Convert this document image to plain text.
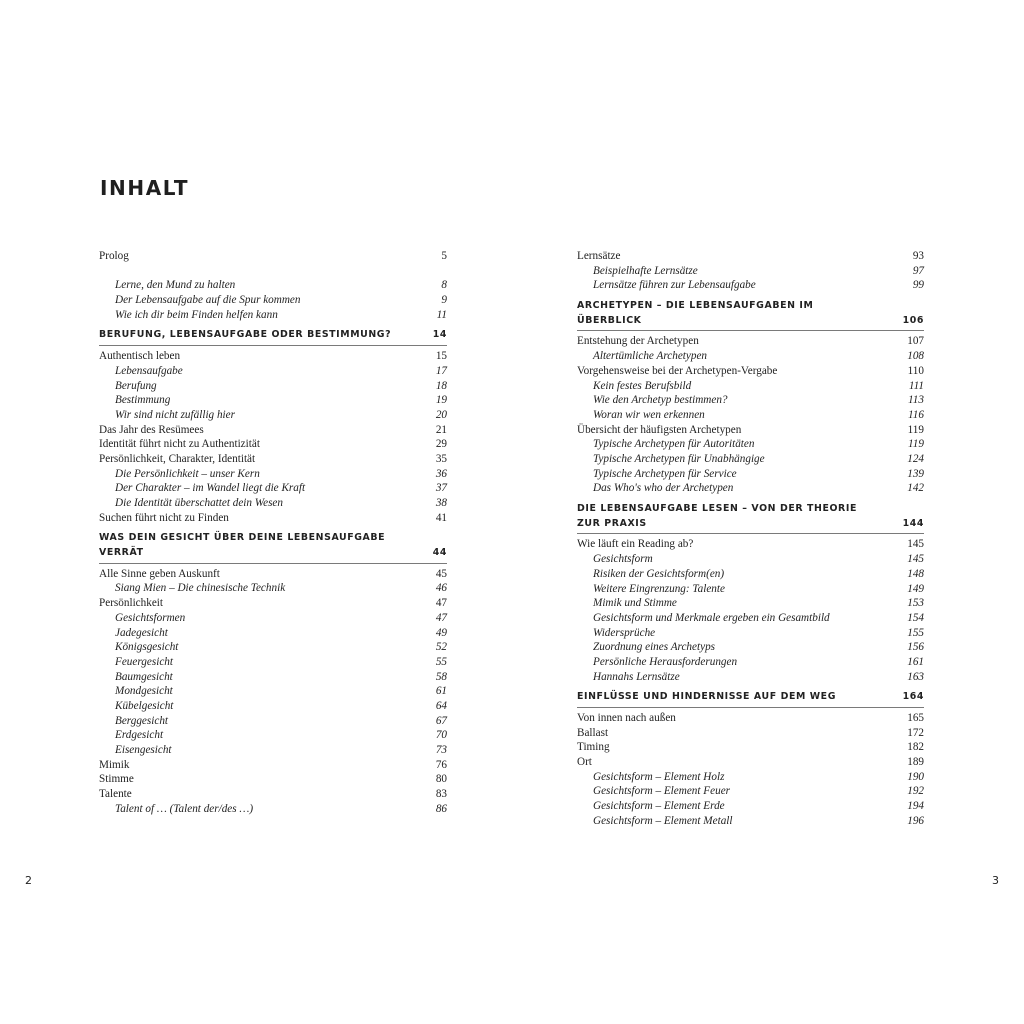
INHALT
Prolog	5
Lerne, den Mund zu halten	8
Der Lebensaufgabe auf die Spur kommen	9
Wie ich dir beim Finden helfen kann	11
BERUFUNG, LEBENSAUFGABE ODER BESTIMMUNG?	14
Authentisch leben	15
Lebensaufgabe	17
Berufung	18
Bestimmung	19
Wir sind nicht zufällig hier	20
Das Jahr des Resümees	21
Identität führt nicht zu Authentizität	29
Persönlichkeit, Charakter, Identität	35
Die Persönlichkeit – unser Kern	36
Der Charakter – im Wandel liegt die Kraft	37
Die Identität überschattet dein Wesen	38
Suchen führt nicht zu Finden	41
WAS DEIN GESICHT ÜBER DEINE LEBENSAUFGABE VERRÄT	44
Alle Sinne geben Auskunft	45
Siang Mien – Die chinesische Technik	46
Persönlichkeit	47
Gesichtsformen	47
Jadegesicht	49
Königsgesicht	52
Feuergesicht	55
Baumgesicht	58
Mondgesicht	61
Kübelgesicht	64
Berggesicht	67
Erdgesicht	70
Eisengesicht	73
Mimik	76
Stimme	80
Talente	83
Talent of … (Talent der/des …)	86
Lernsätze	93
Beispielhafte Lernsätze	97
Lernsätze führen zur Lebensaufgabe	99
ARCHETYPEN – DIE LEBENSAUFGABEN IM ÜBERBLICK	106
Entstehung der Archetypen	107
Altertümliche Archetypen	108
Vorgehensweise bei der Archetypen-Vergabe	110
Kein festes Berufsbild	111
Wie den Archetyp bestimmen?	113
Woran wir wen erkennen	116
Übersicht der häufigsten Archetypen	119
Typische Archetypen für Autoritäten	119
Typische Archetypen für Unabhängige	124
Typische Archetypen für Service	139
Das Who's who der Archetypen	142
DIE LEBENSAUFGABE LESEN – VON DER THEORIE ZUR PRAXIS	144
Wie läuft ein Reading ab?	145
Gesichtsform	145
Risiken der Gesichtsform(en)	148
Weitere Eingrenzung: Talente	149
Mimik und Stimme	153
Gesichtsform und Merkmale ergeben ein Gesamtbild	154
Widersprüche	155
Zuordnung eines Archetyps	156
Persönliche Herausforderungen	161
Hannahs Lernsätze	163
EINFLÜSSE UND HINDERNISSE AUF DEM WEG	164
Von innen nach außen	165
Ballast	172
Timing	182
Ort	189
Gesichtsform – Element Holz	190
Gesichtsform – Element Feuer	192
Gesichtsform – Element Erde	194
Gesichtsform – Element Metall	196
2	3
